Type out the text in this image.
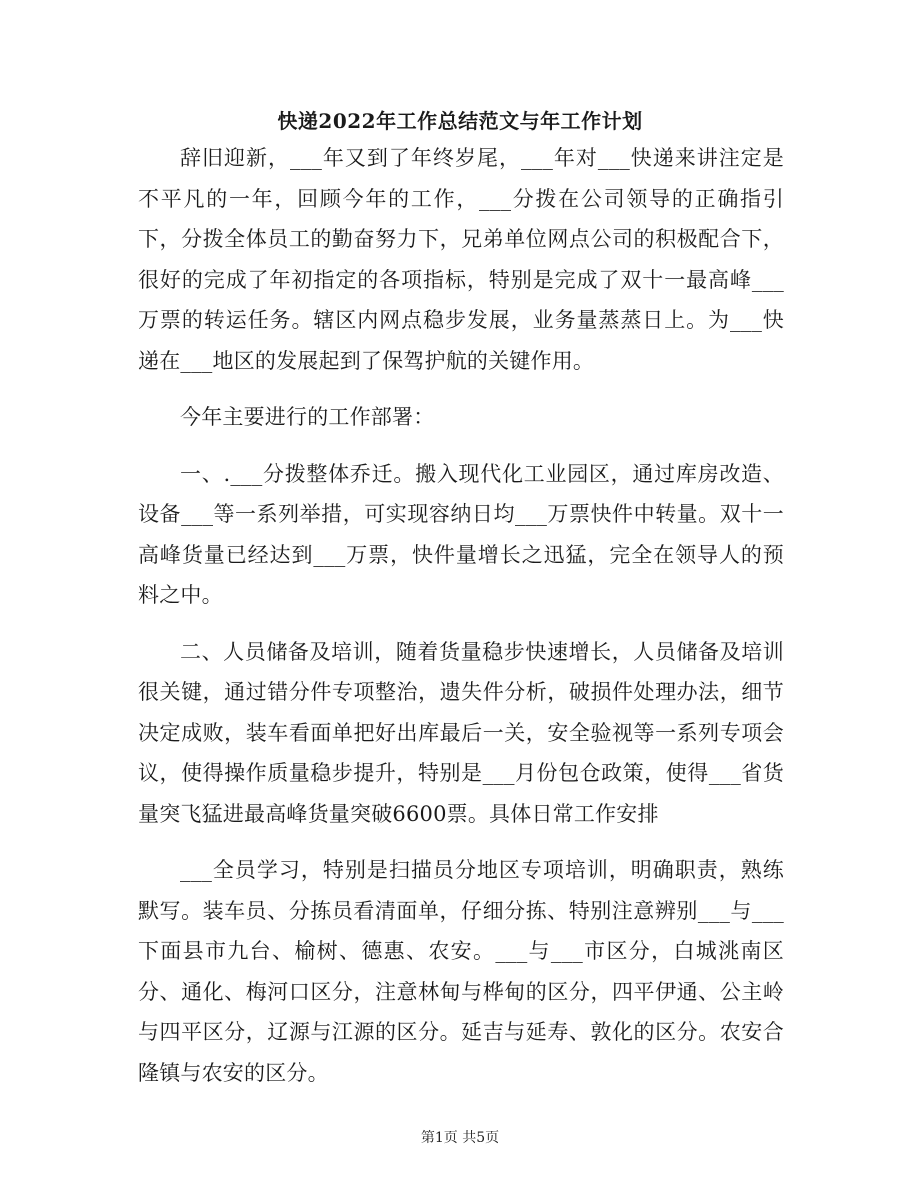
快递2022年工作总结范文与年工作计划

辞旧迎新，___年又到了年终岁尾，___年对___快递来讲注定是不平凡的一年，回顾今年的工作，___分拨在公司领导的正确指引下，分拨全体员工的勤奋努力下，兄弟单位网点公司的积极配合下，很好的完成了年初指定的各项指标，特别是完成了双十一最高峰___万票的转运任务。辖区内网点稳步发展，业务量蒸蒸日上。为___快递在___地区的发展起到了保驾护航的关键作用。

今年主要进行的工作部署：

一、.___分拨整体乔迁。搬入现代化工业园区，通过库房改造、设备___等一系列举措，可实现容纳日均___万票快件中转量。双十一高峰货量已经达到___万票，快件量增长之迅猛，完全在领导人的预料之中。

二、人员储备及培训，随着货量稳步快速增长，人员储备及培训很关键，通过错分件专项整治，遗失件分析，破损件处理办法，细节决定成败，装车看面单把好出库最后一关，安全验视等一系列专项会议，使得操作质量稳步提升，特别是___月份包仓政策，使得___省货量突飞猛进最高峰货量突破6600票。具体日常工作安排

___全员学习，特别是扫描员分地区专项培训，明确职责，熟练默写。装车员、分拣员看清面单，仔细分拣、特别注意辨别___与___下面县市九台、榆树、德惠、农安。___与___市区分，白城洮南区分、通化、梅河口区分，注意林甸与桦甸的区分，四平伊通、公主岭与四平区分，辽源与江源的区分。延吉与延寿、敦化的区分。农安合隆镇与农安的区分。

第1页 共5页
